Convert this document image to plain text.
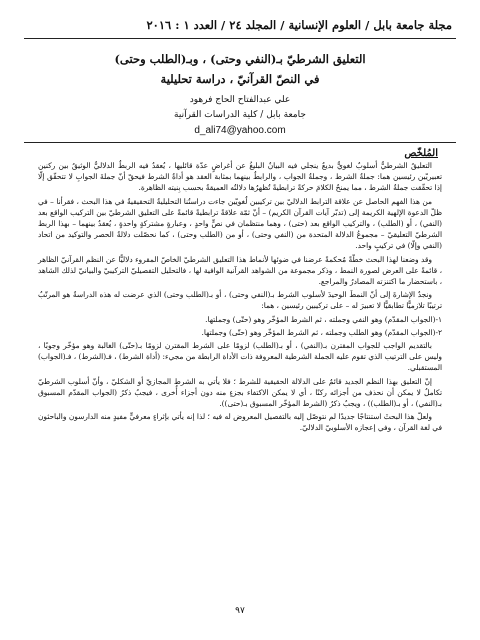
مجلة جامعة بابل / العلوم الإنسانية / المجلد ٢٤ / العدد ١ : ٢٠١٦
التعليق الشرطيّ بـ(النفي وحتى) ، وبـ(الطلب وحتى)
في النصّ القرآنيّ ، دراسة تحليلية
علي عبدالفتاح الحاج فرهود
جامعة بابل / كلية الدراسات القرآنية
d_ali74@yahoo.com
المُلخّص

التعليقُ الشرطيُّ أسلوبٌ لغويٌّ بديعٌ ينجلي فيه البيانُ البليغُ عن أغراضٍ عدّة قائليها ، يُعقدُ فيه الربطُ الدلاليُّ الوثيقُ بين ركنين تعبيريّين رئيسين هما: جملةُ الشرط ، وجملةُ الجواب ، والرابطُ بينهما بمثابة العقد هو أداةُ الشرط فيحقّ أنّ جملةَ الجوابِ لا تتحقّق إلّا إذا تحقّقت جملةُ الشرط ، مما يمنحُ الكلامَ حركةً ترابطيةً تُظهرُها دلالتُه العميقةُ بحسب بِنيته الظاهرة.

من هذا الفهم الحاصل عن علاقة الترابط الدلاليّ بين تركيبين لُغويّين جاءت دراستُنا التحليليةُ التحقيقيةُ في هذا البحث ، فقرأنا – في ظلّ الدعوة الإلهية الكريمة إلى (تدبّر آيات القرآن الكريم) – أنّ ثمّة علاقةً ترابطيةً قائمةً على التعليق الشرطيّ بين التركيب الواقع بعد (النفي) ، أو (الطلب) ، والتركيب الواقع بعد (حتى) ، وهما منتظمان في نصٍّ واحدٍ ، وعبارةٍ مشتركةٍ واحدةٍ ، يُعقدُ بينهما – بهذا الربط الشرطيّ التعليقيّ – مجموعُ الدلالة المتحدة من (النفي وحتى) ، أو من (الطلب وحتى) ، كما نحصّلت دلالةُ الحصر والتوكيد من اتحاد (النفي وإلّا) في تركيبٍ واحد.

وقد وضعنا لهذا البحث خطّةً مُحكمةً عرضنا في ضوئها لأنماط هذا التعليق الشرطيّ الخاصّ المقروء دلاليًّا عن النظم القرآنيّ الظاهر ، قائمةً على العرض لصورة النمط ، وذكر مجموعة من الشواهد القرآنية الوافية لها ، فالتحليل التفصيليّ التركيبيّ والبيانيّ لذلك الشاهد ، باستحضار ما اكتنزته المصادرُ والمراجع.

ونجدُ الإشارةَ إلى أنّ النمطَ الوحيدَ لأسلوب الشرط بـ(النفي وحتى) ، أو بـ(الطلب وحتى) الذي عرضت له هذه الدراسةُ هو المرتّبُ ترتيبًا تلازميًّا تطابقيًّا لا تعبيرَ له – على تركيبين رئيسين ، هما:

١-(الجواب المقدّم) وهو النفي وجملته ، ثم الشرط المؤخّر وهو (حتّى) وجملتها.

٢-(الجواب المقدّم) وهو الطلب وجملته ، ثم الشرط المؤخّر وهو (حتّى) وجملتها.

بالتقديم الواجب للجواب المقترن بـ(النفي) ، أو بـ(الطلب) لزومًا على الشرط المقترن لزومًا بـ(حتّى) الغالبة وهو مؤخّر وجوبًا ، وليس على الترتيب الذي تقوم عليه الجملة الشرطية المعروفة ذات الأداة الرابطة من مجيء: (أداة الشرط) ، فـ(الشرط) ، فـ(الجواب) المستقبلي.

إنّ التعليق بهذا النظم الجديد قائمٌ على الدلالة الحقيقية للشرط ؛ فلا يأتي به الشرط المجازيّ أو الشكليّ ، وأنّ أسلوب الشرطيّ تكاملٌ لا يمكن أن نحذف من أجزائه ركنًا ، أي لا يمكن الاكتفاء بجزءٍ منه دون أجزاء أُخرى ، فيجبُ ذكرُ (الجواب المقدّم المسبوق بـ(النفي) ، أو بـ(الطلب)) ، ويجبُ ذكرُ (الشرط المؤخّر المسبوق بـ(حتى)).

ولعلّ هذا البحثَ استنتاجًا جديدًا لم نتوصّل إليه بالتفصيل المعروض له فيه ؛ لذا إنه يأتي بإثراءٍ معرفيٍّ مفيدٍ منه الدارسون والباحثون في لغة القرآن ، وفي إعجازه الأسلوبيّ الدلاليّ.

٩٧
